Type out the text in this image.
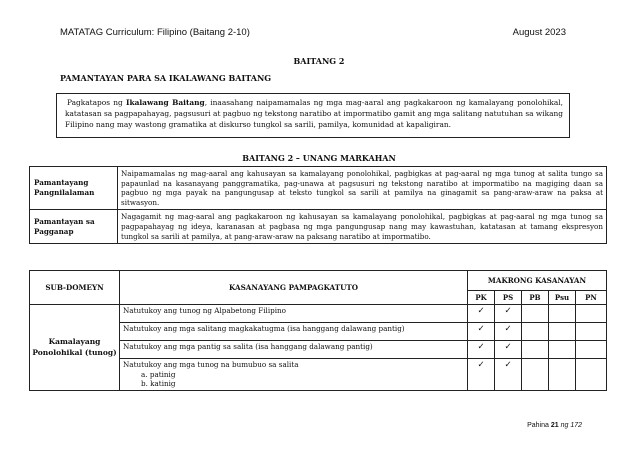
MATATAG Curriculum: Filipino (Baitang 2-10)	August 2023
BAITANG 2
PAMANTAYAN PARA SA IKALAWANG BAITANG
Pagkatapos ng Ikalawang Baitang, inaasahang naipamamalas ng mga mag-aaral ang pagkakaroon ng kamalayang ponolohikal, katatasan sa pagpapahayag, pagsusuri at pagbuo ng tekstong naratibo at impormatibo gamit ang mga salitang natutuhan sa wikang Filipino nang may wastong gramatika at diskurso tungkol sa sarili, pamilya, komunidad at kapaligiran.
BAITANG 2 – UNANG MARKAHAN
Pamantayang Pangnilalaman	Naipamamalas ng mag-aaral ang kahusayan sa kamalayang ponolohikal, pagbigkas at pag-aaral ng mga tunog at salita tungo sa papaunlad na kasanayang panggramatika, pag-unawa at pagsusuri ng tekstong naratibo at impormatibo na magiging daan sa pagbuo ng mga payak na pangungusap at teksto tungkol sa sarili at pamilya na ginagamit sa pang-araw-araw na paksa at sitwasyon.
Pamantayan sa Pagganap	Nagagamit ng mag-aaral ang pagkakaroon ng kahusayan sa kamalayang ponolohikal, pagbigkas at pag-aaral ng mga tunog sa pagpapahayag ng ideya, karanasan at pagbasa ng mga pangungusap nang may kawastuhan, katatasan at tamang ekspresyon tungkol sa sarili at pamilya, at pang-araw-araw na paksang naratibo at impormatibo.
SUB-DOMEYN	KASANAYANG PAMPAGKATUTO	MAKRONG KASANAYAN				
		PK	PS	PB	Psu	PN
Kamalayang Ponolohikal (tunog)	Natutukoy ang tunog ng Alpabetong Filipino	✓	✓			

	Natutukoy ang mga salitang magkakatugma (isa hanggang dalawang pantig)	✓	✓			

	Natutukoy ang mga pantig sa salita (isa hanggang dalawang pantig)	✓	✓			

	Natutukoy ang mga tunog na bumubuo sa salita
a. patinig
b. katinig	✓	✓			
Pahina 21 ng 172
